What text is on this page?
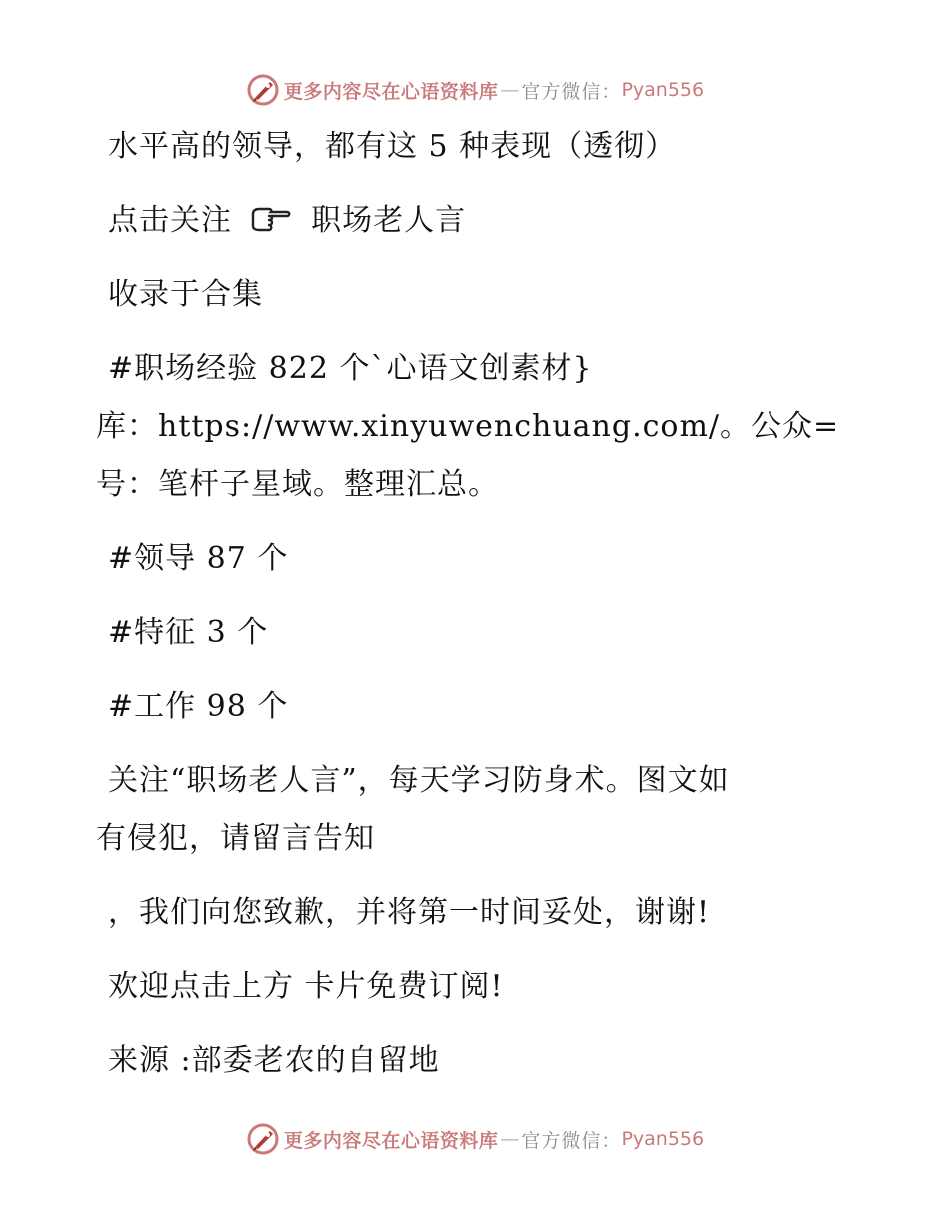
更多内容尽在心语资料库 — 官方微信： Pyan556
水平高的领导，都有这 5 种表现（透彻）
点击关注	职场老人言
收录于合集
#职场经验 822 个`心语文创素材}
库：https://www.xinyuwenchuang.com/。公众=
号：笔杆子星域。整理汇总。
#领导 87 个
#特征 3 个
#工作 98 个
关注“职场老人言”，每天学习防身术。图文如
有侵犯，请留言告知
，我们向您致歉，并将第一时间妥处，谢谢!
欢迎点击上方 卡片免费订阅!
来源 :部委老农的自留地
更多内容尽在心语资料库 — 官方微信： Pyan556
